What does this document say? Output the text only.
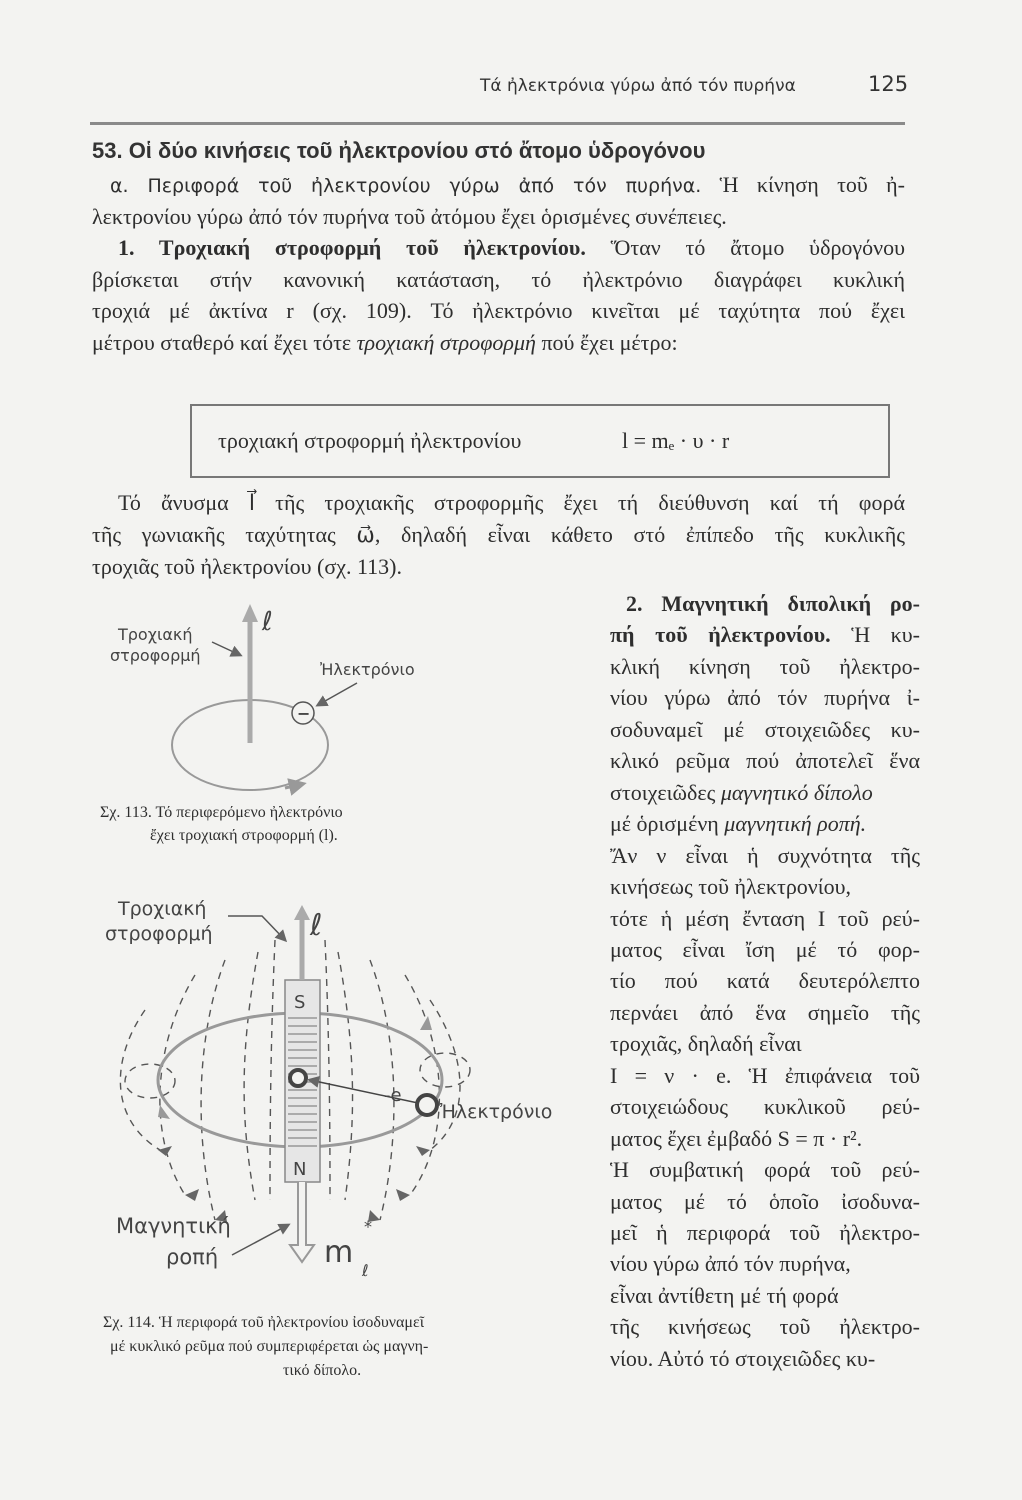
Τά ἠλεκτρόνια γύρω ἀπό τόν πυρήνα	125
53. Οἱ δύο κινήσεις τοῦ ἠλεκτρονίου στό ἄτομο ὑδρογόνου
α. Περιφορά τοῦ ἠλεκτρονίου γύρω ἀπό τόν πυρήνα. Ἡ κίνηση τοῦ ἠ-
λεκτρονίου γύρω ἀπό τόν πυρήνα τοῦ ἀτόμου ἔχει ὁρισμένες συνέπειες.
1. Τροχιακή στροφορμή τοῦ ἠλεκτρονίου. Ὅταν τό ἄτομο ὑδρογόνου
βρίσκεται στήν κανονική κατάσταση, τό ἠλεκτρόνιο διαγράφει κυκλική
τροχιά μέ ἀκτίνα r (σχ. 109). Τό ἠλεκτρόνιο κινεῖται μέ ταχύτητα πού ἔχει
μέτρου σταθερό καί ἔχει τότε τροχιακή στροφορμή πού ἔχει μέτρο:
τροχιακή στροφορμή ἠλεκτρονίου	l = mₑ · υ · r
Τό ἄνυσμα l⃗ τῆς τροχιακῆς στροφορμῆς ἔχει τή διεύθυνση καί τή φορά
τῆς γωνιακῆς ταχύτητας ω⃗, δηλαδή εἶναι κάθετο στό ἐπίπεδο τῆς κυκλικῆς
τροχιᾶς τοῦ ἠλεκτρονίου (σχ. 113).
2. Μαγνητική διπολική ρο-
πή τοῦ ἠλεκτρονίου. Ἡ κυ-
κλική κίνηση τοῦ ἠλεκτρο-
νίου γύρω ἀπό τόν πυρήνα ἰ-
σοδυναμεῖ μέ στοιχειῶδες κυ-
κλικό ρεῦμα πού ἀποτελεῖ ἕνα
στοιχειῶδες μαγνητικό δίπολο
μέ ὁρισμένη μαγνητική ροπή.
Ἄν ν εἶναι ἡ συχνότητα τῆς
κινήσεως τοῦ ἠλεκτρονίου,
τότε ἡ μέση ἔνταση I τοῦ ρεύ-
ματος εἶναι ἴση μέ τό φορ-
τίο πού κατά δευτερόλεπτο
περνάει ἀπό ἕνα σημεῖο τῆς
τροχιᾶς, δηλαδή εἶναι
I = ν · e. Ἡ ἐπιφάνεια τοῦ
στοιχειώδους κυκλικοῦ ρεύ-
ματος ἔχει ἐμβαδό S = π · r².
Ἡ συμβατική φορά τοῦ ρεύ-
ματος μέ τό ὁποῖο ἰσοδυνα-
μεῖ ἡ περιφορά τοῦ ἠλεκτρο-
νίου γύρω ἀπό τόν πυρήνα,
εἶναι ἀντίθετη μέ τή φορά
τῆς κινήσεως τοῦ ἠλεκτρο-
νίου. Αὐτό τό στοιχειῶδες κυ-
ℓ
Τροχιακή
στροφορμή
−
Ἠλεκτρόνιο
S
N
ℓ
Τροχιακή
στροφορμή
-e
Ἠλεκτρόνιο
m
ℓ
*
Μαγνητική
ροπή
Σχ. 113. Τό περιφερόμενο ἠλεκτρόνιο
ἔχει τροχιακή στροφορμή (l).
Σχ. 114. Ἡ περιφορά τοῦ ἠλεκτρονίου ἰσοδυναμεῖ
μέ κυκλικό ρεῦμα πού συμπεριφέρεται ὡς μαγνη-
τικό δίπολο.
